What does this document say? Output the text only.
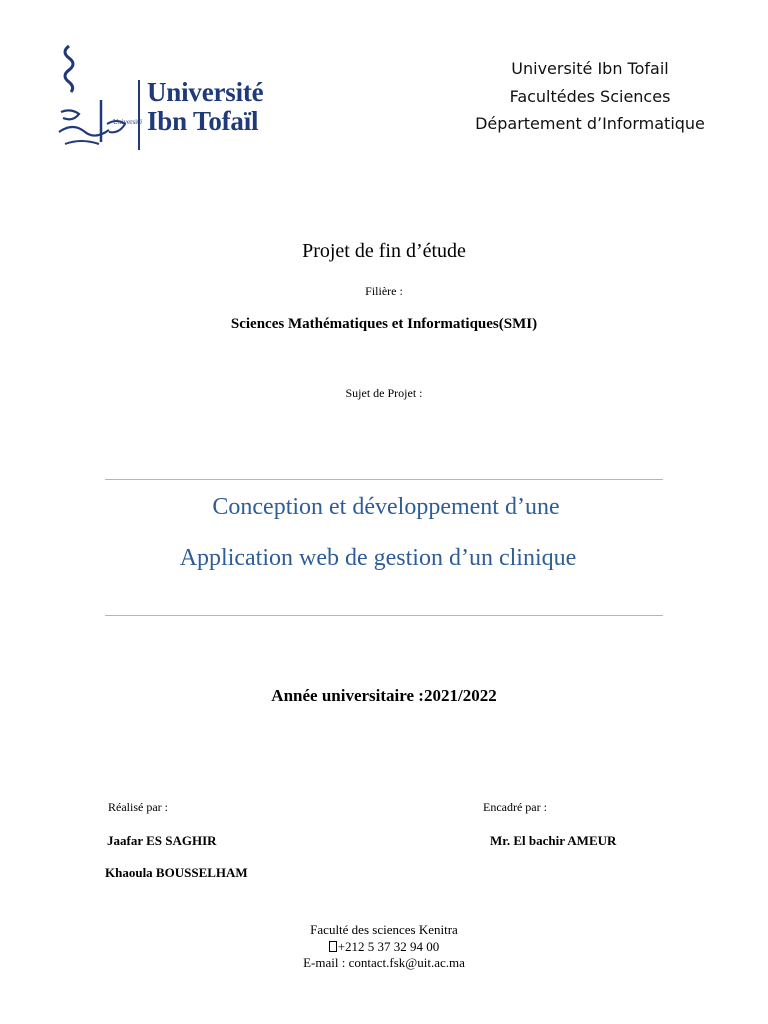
Université
Université
Ibn Tofaïl
Université Ibn Tofail
Facultédes Sciences
Département d’Informatique
Projet de fin d’étude
Filière :
Sciences Mathématiques et Informatiques(SMI)
Sujet de Projet :
Conception et développement d’une
Application web de gestion d’un clinique
Année universitaire :2021/2022
Réalisé par :	Encadré par :
Jaafar ES SAGHIR	Mr. El bachir AMEUR
Khaoula BOUSSELHAM
Faculté des sciences Kenitra
+212 5 37 32 94 00
E-mail : contact.fsk@uit.ac.ma
